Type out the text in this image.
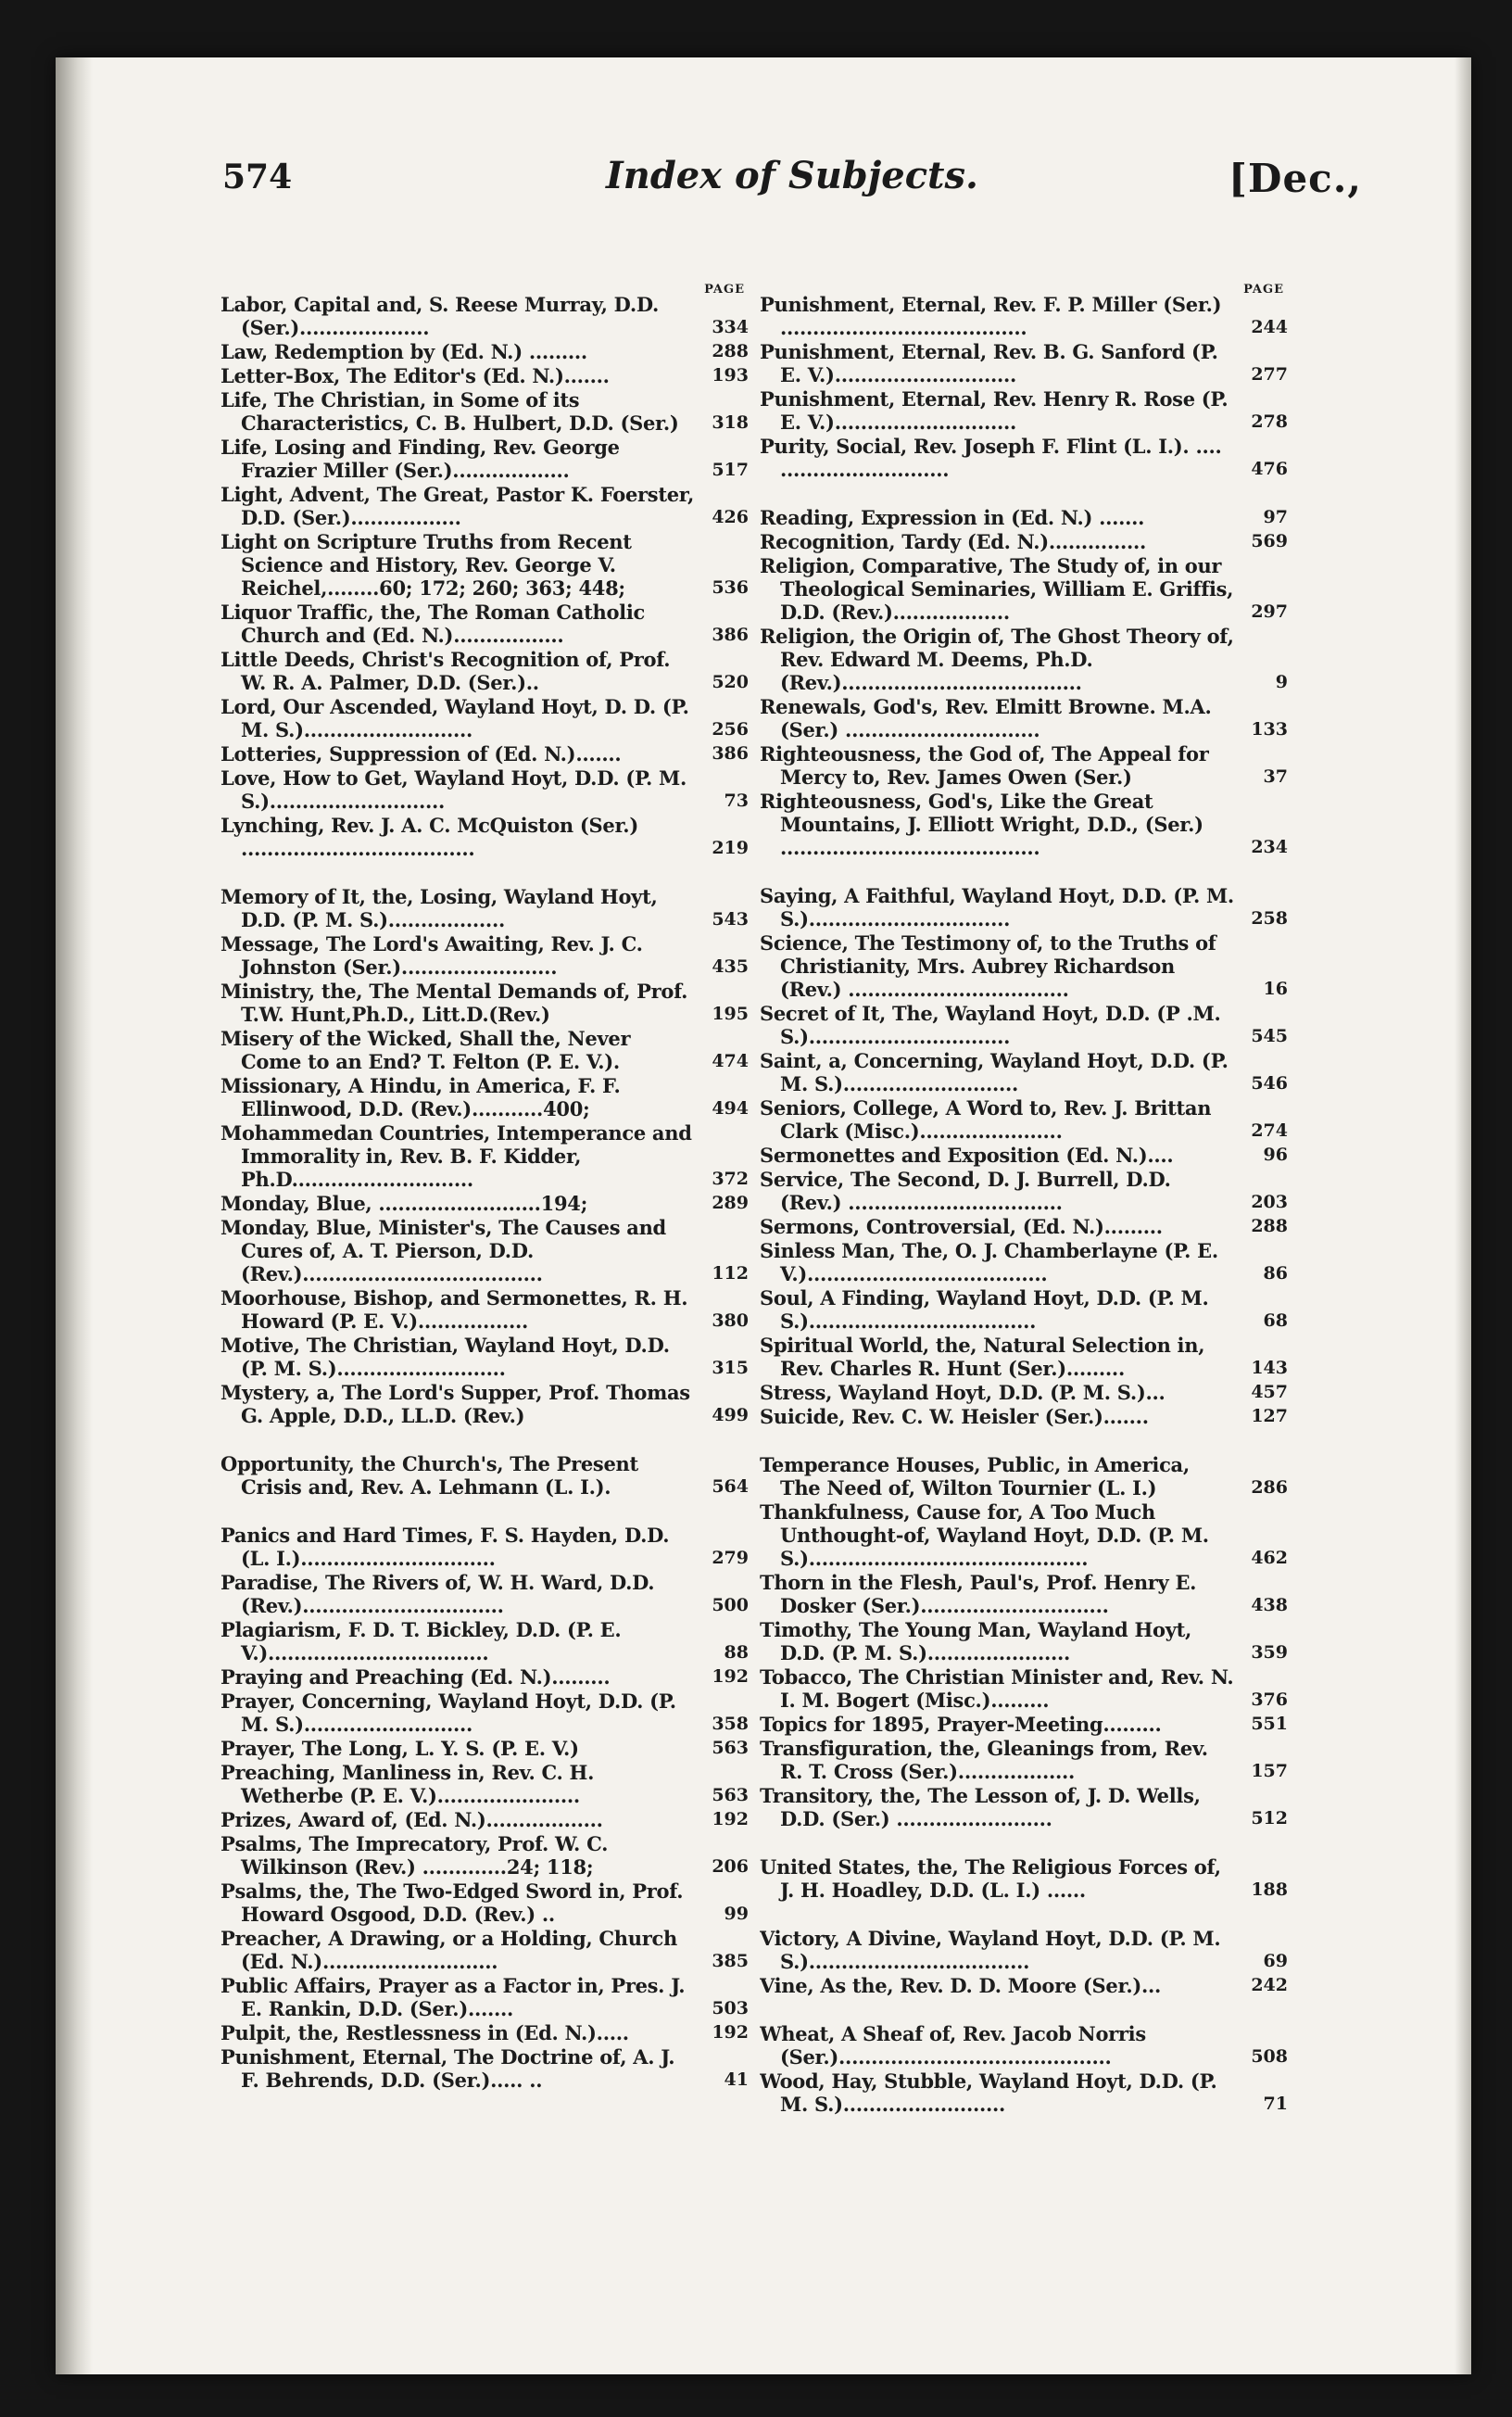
574	Index of Subjects.	[Dec.,
PAGE
Labor, Capital and, S. Reese Murray, D.D. (Ser.)....................	334
Law, Redemption by (Ed. N.) .........	288
Letter-Box, The Editor's (Ed. N.).......	193
Life, The Christian, in Some of its Characteristics, C. B. Hulbert, D.D. (Ser.)	318
Life, Losing and Finding, Rev. George Frazier Miller (Ser.)..................	517
Light, Advent, The Great, Pastor K. Foerster, D.D. (Ser.).................	426
Light on Scripture Truths from Recent Science and History, Rev. George V. Reichel,........60; 172; 260; 363; 448;	536
Liquor Traffic, the, The Roman Catholic Church and (Ed. N.).................	386
Little Deeds, Christ's Recognition of, Prof. W. R. A. Palmer, D.D. (Ser.)..	520
Lord, Our Ascended, Wayland Hoyt, D. D. (P. M. S.)..........................	256
Lotteries, Suppression of (Ed. N.).......	386
Love, How to Get, Wayland Hoyt, D.D. (P. M. S.)...........................	73
Lynching, Rev. J. A. C. McQuiston (Ser.) ....................................	219
Memory of It, the, Losing, Wayland Hoyt, D.D. (P. M. S.)..................	543
Message, The Lord's Awaiting, Rev. J. C. Johnston (Ser.)........................	435
Ministry, the, The Mental Demands of, Prof. T.W. Hunt,Ph.D., Litt.D.(Rev.)	195
Misery of the Wicked, Shall the, Never Come to an End? T. Felton (P. E. V.).	474
Missionary, A Hindu, in America, F. F. Ellinwood, D.D. (Rev.)...........400;	494
Mohammedan Countries, Intemperance and Immorality in, Rev. B. F. Kidder, Ph.D............................	372
Monday, Blue, .........................194;	289
Monday, Blue, Minister's, The Causes and Cures of, A. T. Pierson, D.D. (Rev.).....................................	112
Moorhouse, Bishop, and Sermonettes, R. H. Howard (P. E. V.).................	380
Motive, The Christian, Wayland Hoyt, D.D. (P. M. S.)..........................	315
Mystery, a, The Lord's Supper, Prof. Thomas G. Apple, D.D., LL.D. (Rev.)	499
Opportunity, the Church's, The Present Crisis and, Rev. A. Lehmann (L. I.).	564
Panics and Hard Times, F. S. Hayden, D.D. (L. I.)..............................	279
Paradise, The Rivers of, W. H. Ward, D.D. (Rev.)...............................	500
Plagiarism, F. D. T. Bickley, D.D. (P. E. V.)..................................	88
Praying and Preaching (Ed. N.).........	192
Prayer, Concerning, Wayland Hoyt, D.D. (P. M. S.)..........................	358
Prayer, The Long, L. Y. S. (P. E. V.)	563
Preaching, Manliness in, Rev. C. H. Wetherbe (P. E. V.)......................	563
Prizes, Award of, (Ed. N.)..................	192
Psalms, The Imprecatory, Prof. W. C. Wilkinson (Rev.) .............24; 118;	206
Psalms, the, The Two-Edged Sword in, Prof. Howard Osgood, D.D. (Rev.) ..	99
Preacher, A Drawing, or a Holding, Church (Ed. N.)...........................	385
Public Affairs, Prayer as a Factor in, Pres. J. E. Rankin, D.D. (Ser.).......	503
Pulpit, the, Restlessness in (Ed. N.).....	192
Punishment, Eternal, The Doctrine of, A. J. F. Behrends, D.D. (Ser.)..... ..	41
PAGE
Punishment, Eternal, Rev. F. P. Miller (Ser.) ......................................	244
Punishment, Eternal, Rev. B. G. Sanford (P. E. V.)............................	277
Punishment, Eternal, Rev. Henry R. Rose (P. E. V.)............................	278
Purity, Social, Rev. Joseph F. Flint (L. I.). .... ..........................	476
Reading, Expression in (Ed. N.) .......	97
Recognition, Tardy (Ed. N.)...............	569
Religion, Comparative, The Study of, in our Theological Seminaries, William E. Griffis, D.D. (Rev.)..................	297
Religion, the Origin of, The Ghost Theory of, Rev. Edward M. Deems, Ph.D. (Rev.).....................................	9
Renewals, God's, Rev. Elmitt Browne. M.A. (Ser.) ..............................	133
Righteousness, the God of, The Appeal for Mercy to, Rev. James Owen (Ser.)	37
Righteousness, God's, Like the Great Mountains, J. Elliott Wright, D.D., (Ser.) ........................................	234
Saying, A Faithful, Wayland Hoyt, D.D. (P. M. S.)...............................	258
Science, The Testimony of, to the Truths of Christianity, Mrs. Aubrey Richardson (Rev.) ..................................	16
Secret of It, The, Wayland Hoyt, D.D. (P .M. S.)...............................	545
Saint, a, Concerning, Wayland Hoyt, D.D. (P. M. S.)...........................	546
Seniors, College, A Word to, Rev. J. Brittan Clark (Misc.)......................	274
Sermonettes and Exposition (Ed. N.)....	96
Service, The Second, D. J. Burrell, D.D. (Rev.) .................................	203
Sermons, Controversial, (Ed. N.).........	288
Sinless Man, The, O. J. Chamberlayne (P. E. V.).....................................	86
Soul, A Finding, Wayland Hoyt, D.D. (P. M. S.)...................................	68
Spiritual World, the, Natural Selection in, Rev. Charles R. Hunt (Ser.).........	143
Stress, Wayland Hoyt, D.D. (P. M. S.)...	457
Suicide, Rev. C. W. Heisler (Ser.).......	127
Temperance Houses, Public, in America, The Need of, Wilton Tournier (L. I.)	286
Thankfulness, Cause for, A Too Much Unthought-of, Wayland Hoyt, D.D. (P. M. S.)...........................................	462
Thorn in the Flesh, Paul's, Prof. Henry E. Dosker (Ser.).............................	438
Timothy, The Young Man, Wayland Hoyt, D.D. (P. M. S.)......................	359
Tobacco, The Christian Minister and, Rev. N. I. M. Bogert (Misc.).........	376
Topics for 1895, Prayer-Meeting.........	551
Transfiguration, the, Gleanings from, Rev. R. T. Cross (Ser.)..................	157
Transitory, the, The Lesson of, J. D. Wells, D.D. (Ser.) ........................	512
United States, the, The Religious Forces of, J. H. Hoadley, D.D. (L. I.) ......	188
Victory, A Divine, Wayland Hoyt, D.D. (P. M. S.)..................................	69
Vine, As the, Rev. D. D. Moore (Ser.)...	242
Wheat, A Sheaf of, Rev. Jacob Norris (Ser.)..........................................	508
Wood, Hay, Stubble, Wayland Hoyt, D.D. (P. M. S.).........................	71
